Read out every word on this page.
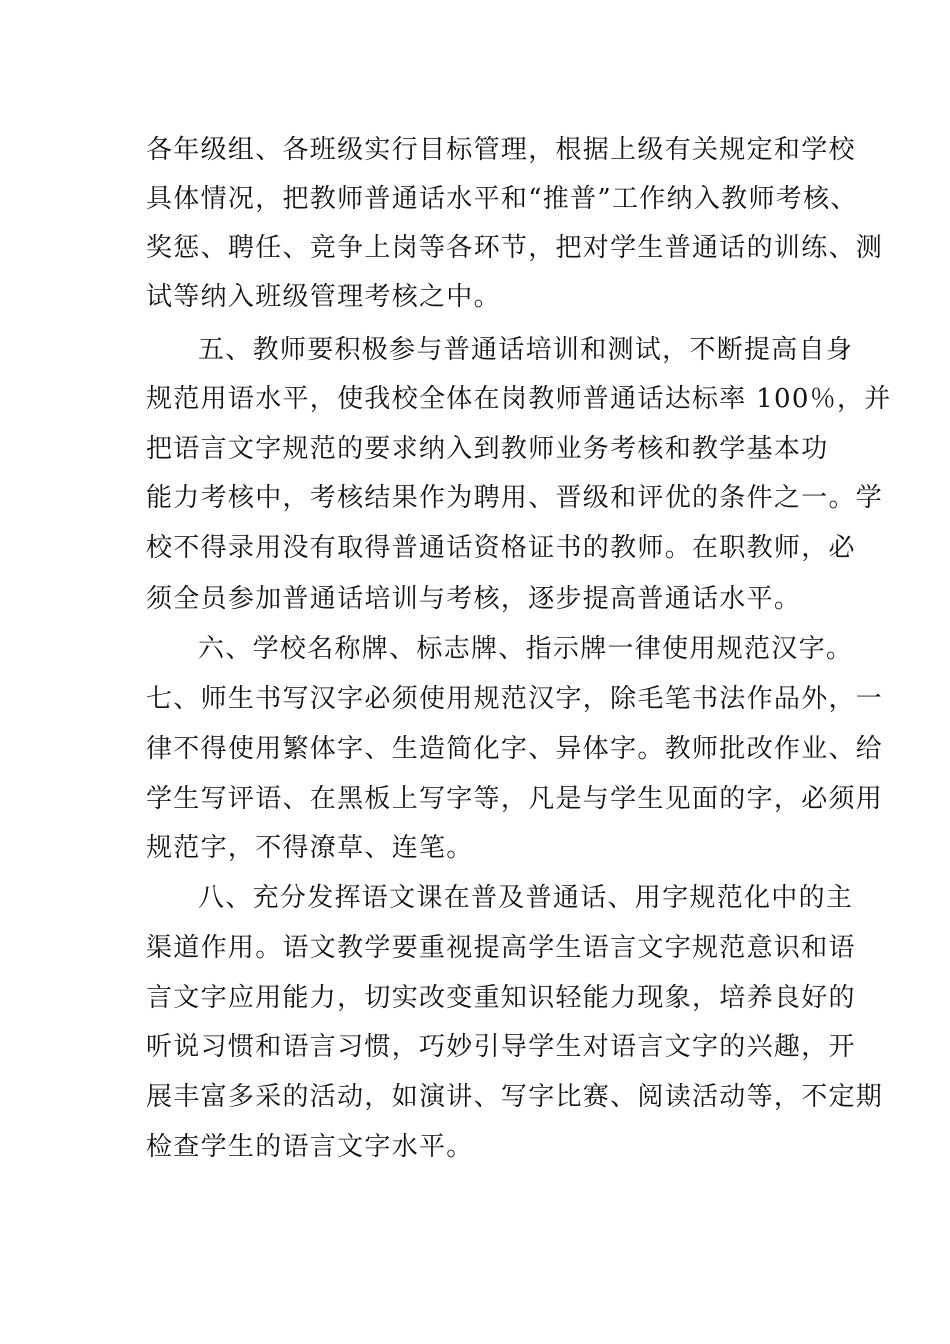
各年级组、各班级实行目标管理，根据上级有关规定和学校
具体情况，把教师普通话水平和“推普”工作纳入教师考核、
奖惩、聘任、竞争上岗等各环节，把对学生普通话的训练、测
试等纳入班级管理考核之中。
五、教师要积极参与普通话培训和测试，不断提高自身
规范用语水平，使我校全体在岗教师普通话达标率 100％，并
把语言文字规范的要求纳入到教师业务考核和教学基本功
能力考核中，考核结果作为聘用、晋级和评优的条件之一。学
校不得录用没有取得普通话资格证书的教师。在职教师，必
须全员参加普通话培训与考核，逐步提高普通话水平。
六、学校名称牌、标志牌、指示牌一律使用规范汉字。
七、师生书写汉字必须使用规范汉字，除毛笔书法作品外，一
律不得使用繁体字、生造简化字、异体字。教师批改作业、给
学生写评语、在黑板上写字等，凡是与学生见面的字，必须用
规范字，不得潦草、连笔。
八、充分发挥语文课在普及普通话、用字规范化中的主
渠道作用。语文教学要重视提高学生语言文字规范意识和语
言文字应用能力，切实改变重知识轻能力现象，培养良好的
听说习惯和语言习惯，巧妙引导学生对语言文字的兴趣，开
展丰富多采的活动，如演讲、写字比赛、阅读活动等，不定期
检查学生的语言文字水平。
